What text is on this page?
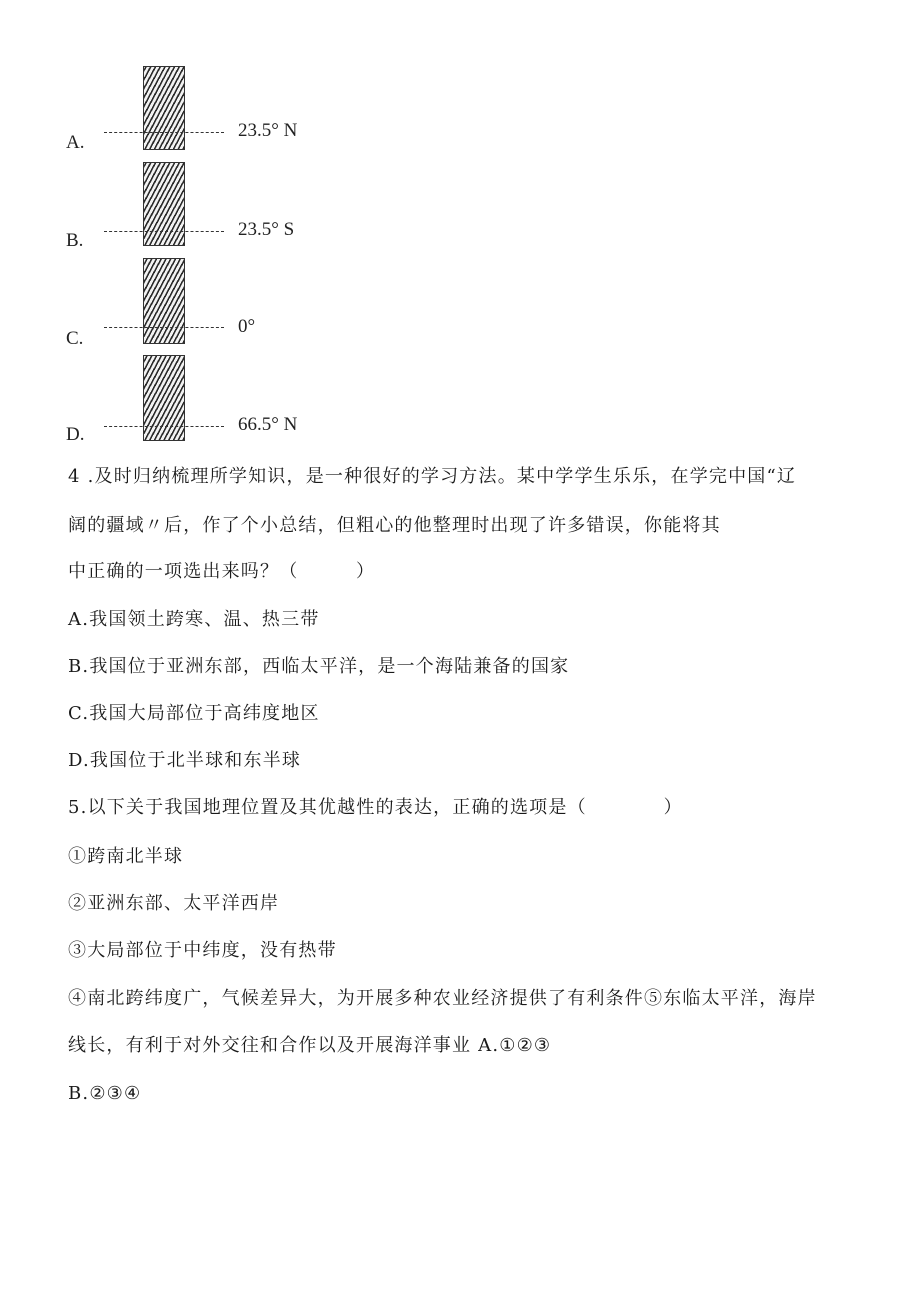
A.
23.5° N
B.
23.5° S
C.
0°
D.	66.5° N
4 .及时归纳梳理所学知识，是一种很好的学习方法。某中学学生乐乐，在学完中国“辽
阔的疆域〃后，作了个小总结，但粗心的他整理时出现了许多错误，你能将其
中正确的一项选出来吗？（　　　）
A.我国领土跨寒、温、热三带
B.我国位于亚洲东部，西临太平洋，是一个海陆兼备的国家
C.我国大局部位于高纬度地区
D.我国位于北半球和东半球
5.以下关于我国地理位置及其优越性的表达，正确的选项是（　　　　）
①跨南北半球
②亚洲东部、太平洋西岸
③大局部位于中纬度，没有热带
④南北跨纬度广，气候差异大，为开展多种农业经济提供了有利条件⑤东临太平洋，海岸
线长，有利于对外交往和合作以及开展海洋事业 A.①②③
B.②③④
